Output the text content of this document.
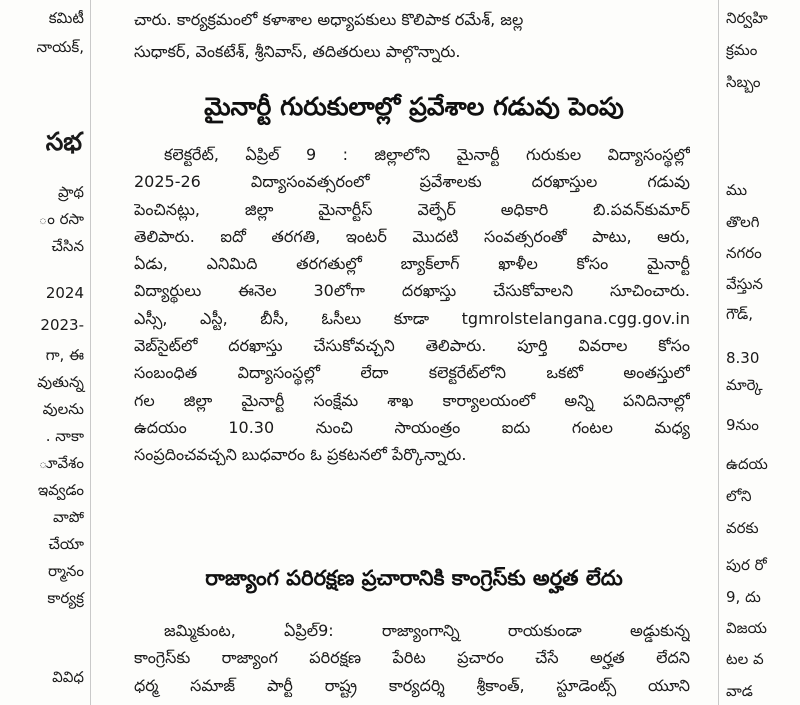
కమిటీ
నాయక్,
సభ
ప్రాథ
ం రసా
చేసిన
2024
2023-
గా, ఈ
వుతున్న
వులను
. నాకా
ూవేశం
ఇవ్వడం
వాపో
చేయా
ర్మానం
కార్యక్ర
వివిధ
చారు. కార్యక్రమంలో కళాశాల అధ్యాపకులు కొలిపాక రమేశ్, జల్ల
సుధాకర్, వెంకటేశ్, శ్రీనివాస్, తదితరులు పాల్గొన్నారు.
మైనార్టీ గురుకులాల్లో ప్రవేశాల గడువు పెంపు
కలెక్టరేట్, ఏప్రిల్ 9 : జిల్లాలోని మైనార్టీ గురుకుల విద్యాసంస్థల్లో
2025-26 విద్యాసంవత్సరంలో ప్రవేశాలకు దరఖాస్తుల గడువు
పెంచినట్లు, జిల్లా మైనార్టీస్ వెల్ఫేర్ అధికారి బి.పవన్‌కుమార్
తెలిపారు. ఐదో తరగతి, ఇంటర్ మొదటి సంవత్సరంతో పాటు, ఆరు,
ఏడు, ఎనిమిది తరగతుల్లో బ్యాక్‌లాగ్ ఖాళీల కోసం మైనార్టీ
విద్యార్థులు ఈనెల 30లోగా దరఖాస్తు చేసుకోవాలని సూచించారు.
ఎస్సీ, ఎస్టీ, బీసీ, ఓసీలు కూడా tgmrolstelangana.cgg.gov.in
వెబ్‌సైట్‌లో దరఖాస్తు చేసుకోవచ్చని తెలిపారు. పూర్తి వివరాల కోసం
సంబంధిత విద్యాసంస్థల్లో లేదా కలెక్టరేట్‌లోని ఒకటో అంతస్తులో
గల జిల్లా మైనార్టీ సంక్షేమ శాఖ కార్యాలయంలో అన్ని పనిదినాల్లో
ఉదయం 10.30 నుంచి సాయంత్రం ఐదు గంటల మధ్య
సంప్రదించవచ్చని బుధవారం ఓ ప్రకటనలో పేర్కొన్నారు.
రాజ్యాంగ పరిరక్షణ ప్రచారానికి కాంగ్రెస్‌కు అర్హత లేదు
జమ్మికుంట, ఏప్రిల్9: రాజ్యాంగాన్ని రాయకుండా అడ్డుకున్న
కాంగ్రెస్‌కు రాజ్యాంగ పరిరక్షణ పేరిట ప్రచారం చేసే అర్హత లేదని
ధర్మ సమాజ్ పార్టీ రాష్ట్ర కార్యదర్శి శ్రీకాంత్, స్టూడెంట్స్ యూని
నిర్వ‌హి
క్రమం
సిబ్బం
ము
తొలగి
నగరం
వేస్తున
గౌడ్,
8.30
మార్కె
9నుం
ఉదయ
లోని
వరకు
పుర రో
9, దు
విజయ
టల వ
వాడ
